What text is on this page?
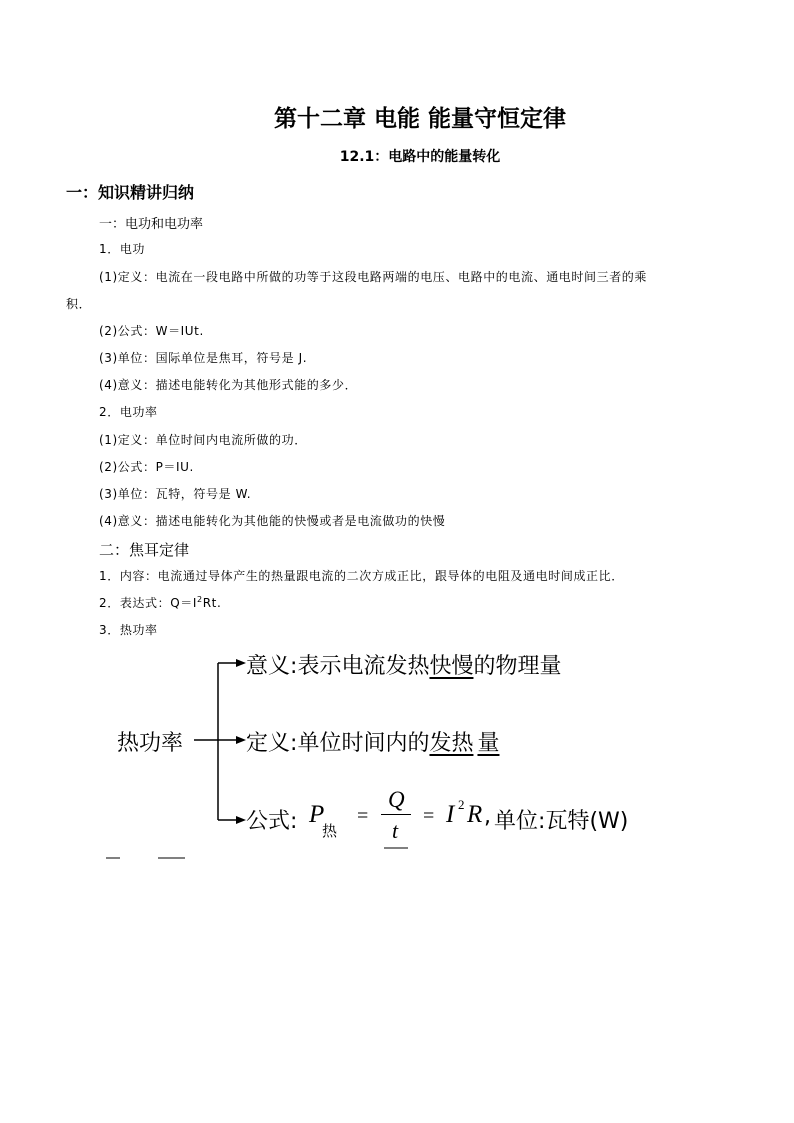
第十二章 电能 能量守恒定律
12.1：电路中的能量转化
一：知识精讲归纳
一：电功和电功率
1．电功
(1)定义：电流在一段电路中所做的功等于这段电路两端的电压、电路中的电流、通电时间三者的乘
积．
(2)公式：W＝IUt.
(3)单位：国际单位是焦耳，符号是 J.
(4)意义：描述电能转化为其他形式能的多少．
2．电功率
(1)定义：单位时间内电流所做的功．
(2)公式：P＝IU.
(3)单位：瓦特，符号是 W.
(4)意义：描述电能转化为其他能的快慢或者是电流做功的快慢
二：焦耳定律
1．内容：电流通过导体产生的热量跟电流的二次方成正比，跟导体的电阻及通电时间成正比．
2．表达式：$Q=I^2Rt$.
3．热功率
热功率
意义:表示电流发热快慢的物理量
定义:单位时间内的发热 量
公式: P
热
=
Q
t
= I 2 R , 单位:瓦特(W)
